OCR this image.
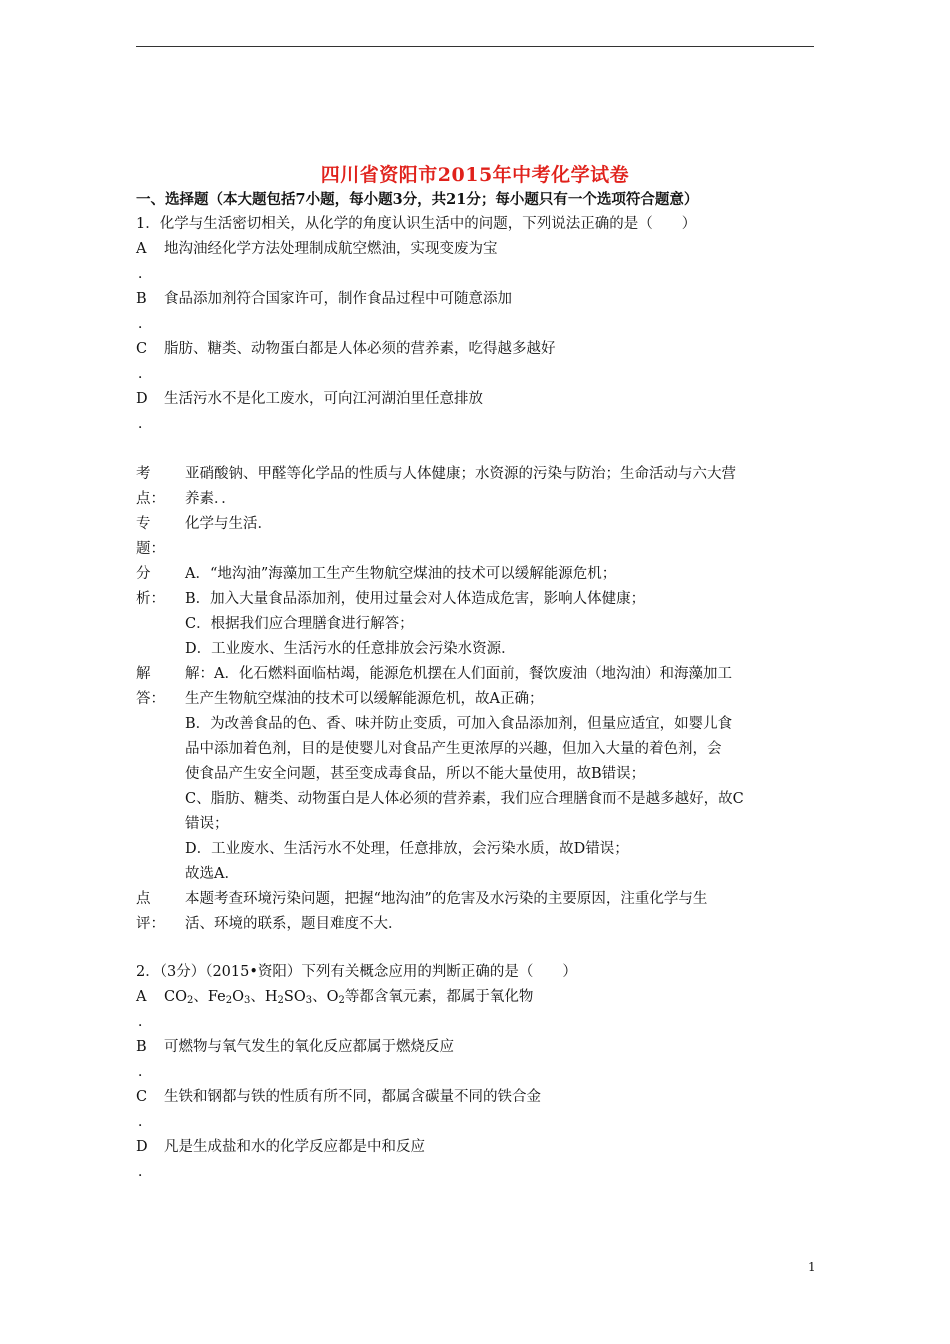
四川省资阳市2015年中考化学试卷
一、选择题（本大题包括7小题，每小题3分，共21分；每小题只有一个选项符合题意）
1．化学与生活密切相关，从化学的角度认识生活中的问题，下列说法正确的是（　　）
A 地沟油经化学方法处理制成航空燃油，实现变废为宝
．
B 食品添加剂符合国家许可，制作食品过程中可随意添加
．
C 脂肪、糖类、动物蛋白都是人体必须的营养素，吃得越多越好
．
D 生活污水不是化工废水，可向江河湖泊里任意排放
．
考
点：
亚硝酸钠、甲醛等化学品的性质与人体健康；水资源的污染与防治；生命活动与六大营
养素．．
专
题：
化学与生活．
分
析：
A．“地沟油”海藻加工生产生物航空煤油的技术可以缓解能源危机；
B．加入大量食品添加剂，使用过量会对人体造成危害，影响人体健康；
C．根据我们应合理膳食进行解答；
D．工业废水、生活污水的任意排放会污染水资源．
解
答：
解：A．化石燃料面临枯竭，能源危机摆在人们面前，餐饮废油（地沟油）和海藻加工
生产生物航空煤油的技术可以缓解能源危机，故A正确；
B．为改善食品的色、香、味并防止变质，可加入食品添加剂，但量应适宜，如婴儿食
品中添加着色剂，目的是使婴儿对食品产生更浓厚的兴趣，但加入大量的着色剂，会
使食品产生安全问题，甚至变成毒食品，所以不能大量使用，故B错误；
C、脂肪、糖类、动物蛋白是人体必须的营养素，我们应合理膳食而不是越多越好，故C
错误；
D．工业废水、生活污水不处理，任意排放，会污染水质，故D错误；
故选A．
点
评：
本题考查环境污染问题，把握“地沟油”的危害及水污染的主要原因，注重化学与生
活、环境的联系，题目难度不大．
2．（3分）（2015•资阳）下列有关概念应用的判断正确的是（　　）
A $CO_2$、$Fe_2O_3$、$H_2SO_3$、$O_2$等都含氧元素，都属于氧化物
．
B 可燃物与氧气发生的氧化反应都属于燃烧反应
．
C 生铁和钢都与铁的性质有所不同，都属含碳量不同的铁合金
．
D 凡是生成盐和水的化学反应都是中和反应
．
1
